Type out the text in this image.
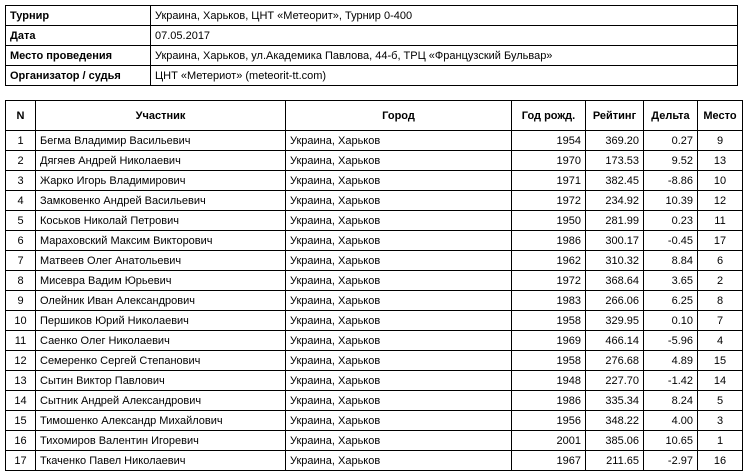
Турнир	Украина, Харьков, ЦНТ «Метеорит», Турнир 0-400
Дата	07.05.2017
Место проведения	Украина, Харьков, ул.Академика Павлова, 44-б, ТРЦ «Французский Бульвар»
Организатор / судья	ЦНТ «Метериот» (meteorit-tt.com)
N	Участник	Город	Год рожд.	Рейтинг	Дельта	Место
1	Бегма Владимир Васильевич	Украина, Харьков	1954	369.20	0.27	9
2	Дягяев Андрей Николаевич	Украина, Харьков	1970	173.53	9.52	13
3	Жарко Игорь Владимирович	Украина, Харьков	1971	382.45	-8.86	10
4	Замковенко Андрей Васильевич	Украина, Харьков	1972	234.92	10.39	12
5	Коськов Николай Петрович	Украина, Харьков	1950	281.99	0.23	11
6	Мараховский Максим Викторович	Украина, Харьков	1986	300.17	-0.45	17
7	Матвеев Олег Анатольевич	Украина, Харьков	1962	310.32	8.84	6
8	Мисевра Вадим Юрьевич	Украина, Харьков	1972	368.64	3.65	2
9	Олейник Иван Александрович	Украина, Харьков	1983	266.06	6.25	8
10	Першиков Юрий Николаевич	Украина, Харьков	1958	329.95	0.10	7
11	Саенко Олег Николаевич	Украина, Харьков	1969	466.14	-5.96	4
12	Семеренко Сергей Степанович	Украина, Харьков	1958	276.68	4.89	15
13	Сытин Виктор Павлович	Украина, Харьков	1948	227.70	-1.42	14
14	Сытник Андрей Александрович	Украина, Харьков	1986	335.34	8.24	5
15	Тимошенко Александр Михайлович	Украина, Харьков	1956	348.22	4.00	3
16	Тихомиров Валентин Игоревич	Украина, Харьков	2001	385.06	10.65	1
17	Ткаченко Павел Николаевич	Украина, Харьков	1967	211.65	-2.97	16
